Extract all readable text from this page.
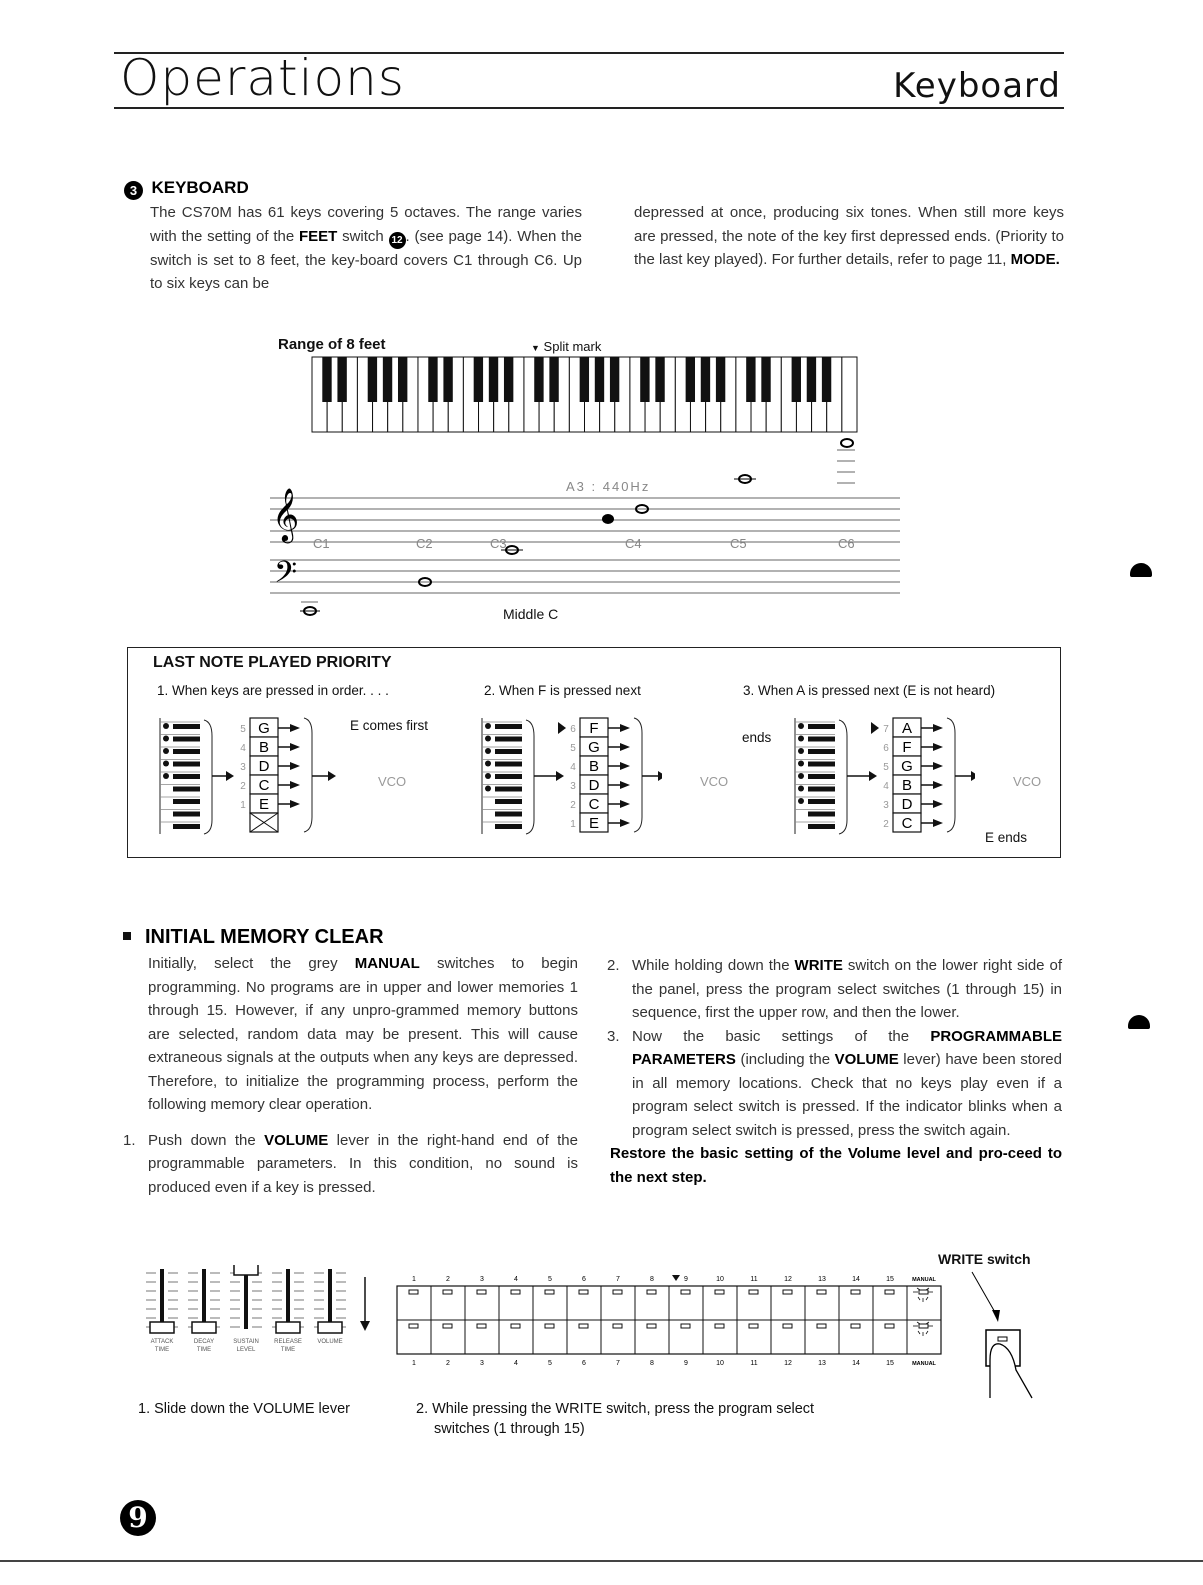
Operations	Keyboard
3 KEYBOARD
The CS70M has 61 keys covering 5 octaves. The range varies with the setting of the FEET switch 12 . (see page 14). When the switch is set to 8 feet, the key-board covers C1 through C6. Up to six keys can be
depressed at once, producing six tones. When still more keys are pressed, the note of the key first depressed ends. (Priority to the last key played). For further details, refer to page 11, MODE.
Range of 8 feet	▼ Split mark
𝄞
𝄢
A3 : 440Hz
C1	C2	C3	C4	C5	C6
Middle C
LAST NOTE PLAYED PRIORITY
1. When keys are pressed in order. . . .	2. When F is pressed next	3. When A is pressed next (E is not heard)
G
5
B
4
D
3
C
2
E
1
F
6
G
5
B
4
D
3
C
2
E
1
A
7
F
6
G
5
B
4
D
3
C
2
E comes first
VCO	VCO	VCO
ends
E ends
INITIAL MEMORY CLEAR
Initially, select the grey MANUAL switches to begin programming. No programs are in upper and lower memories 1 through 15. However, if any unpro-grammed memory buttons are selected, random data may be present. This will cause extraneous signals at the outputs when any keys are depressed. Therefore, to initialize the programming process, perform the following memory clear operation.
1. Push down the VOLUME lever in the right-hand end of the programmable parameters. In this condition, no sound is produced even if a key is pressed.
2. While holding down the WRITE switch on the lower right side of the panel, press the program select switches (1 through 15) in sequence, first the upper row, and then the lower.
3. Now the basic settings of the PROGRAMMABLE PARAMETERS (including the VOLUME lever) have been stored in all memory locations. Check that no keys play even if a program select switch is pressed. If the indicator blinks when a program select switch is pressed, press the switch again.
Restore the basic setting of the Volume level and pro-ceed to the next step.
ATTACK
TIME
DECAY
TIME
SUSTAIN
LEVEL
RELEASE
TIME
VOLUME
1. Slide down the VOLUME lever
WRITE switch
1
1
2
2
3
3
4
4
5
5
6
6
7
7
8
8
9
9
10
10
11
11
12
12
13
13
14
14
15
15
MANUAL
MANUAL
2. While pressing the WRITE switch, press the program select
switches (1 through 15)
9
